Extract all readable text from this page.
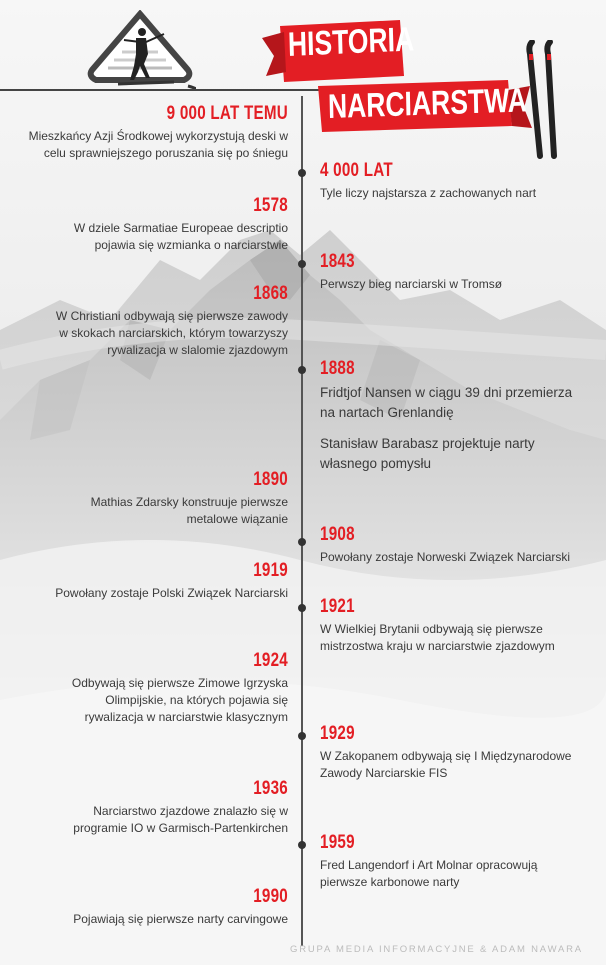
HISTORIA
NARCIARSTWA
9 000 LAT TEMU
Mieszkańcy Azji Środkowej wykorzystują deski w celu sprawniejszego poruszania się po śniegu
4 000 LAT
Tyle liczy najstarsza z zachowanych nart
1578
W dziele Sarmatiae Europeae descriptio pojawia się wzmianka o narciarstwie
1843
Perwszy bieg narciarski w Tromsø
1868
W Christiani odbywają się pierwsze zawody w skokach narciarskich, którym towarzyszy rywalizacja w slalomie zjazdowym
1888
Fridtjof Nansen w ciągu 39 dni przemierza na nartach Grenlandię
Stanisław Barabasz projektuje narty własnego pomysłu
1890
Mathias Zdarsky konstruuje pierwsze metalowe wiązanie
1908
Powołany zostaje Norweski Związek Narciarski
1919
Powołany zostaje Polski Związek Narciarski
1921
W Wielkiej Brytanii odbywają się pierwsze mistrzostwa kraju w narciarstwie zjazdowym
1924
Odbywają się pierwsze Zimowe Igrzyska Olimpijskie, na których pojawia się rywalizacja w narciarstwie klasycznym
1929
W Zakopanem odbywają się I Międzynarodowe Zawody Narciarskie FIS
1936
Narciarstwo zjazdowe znalazło się w programie IO w Garmisch-Partenkirchen
1959
Fred Langendorf i Art Molnar opracowują pierwsze karbonowe narty
1990
Pojawiają się pierwsze narty carvingowe
GRUPA MEDIA INFORMACYJNE & ADAM NAWARA
